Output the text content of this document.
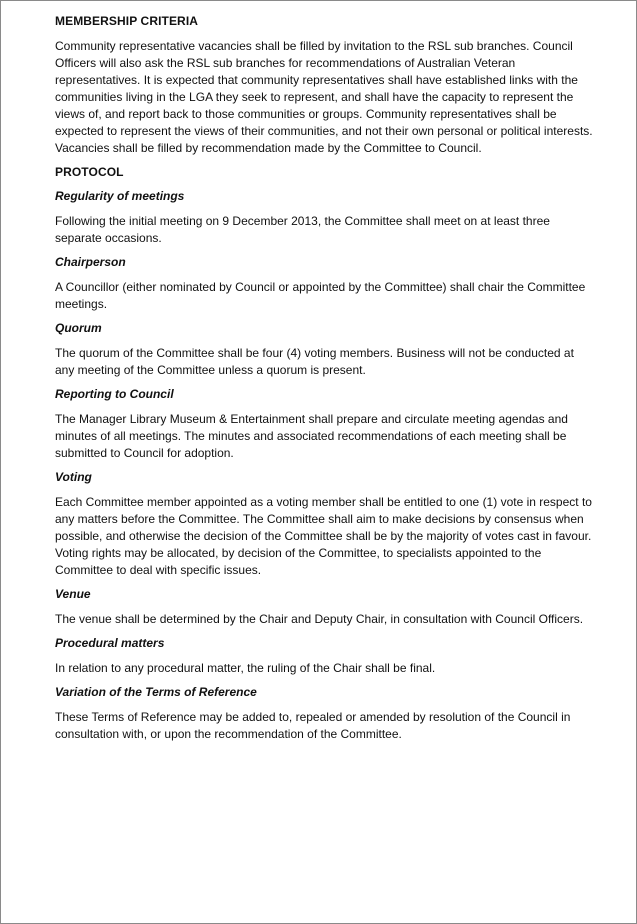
MEMBERSHIP CRITERIA

Community representative vacancies shall be filled by invitation to the RSL sub branches. Council Officers will also ask the RSL sub branches for recommendations of Australian Veteran representatives. It is expected that community representatives shall have established links with the communities living in the LGA they seek to represent, and shall have the capacity to represent the views of, and report back to those communities or groups. Community representatives shall be expected to represent the views of their communities, and not their own personal or political interests. Vacancies shall be filled by recommendation made by the Committee to Council.

PROTOCOL

Regularity of meetings

Following the initial meeting on 9 December 2013, the Committee shall meet on at least three separate occasions.

Chairperson

A Councillor (either nominated by Council or appointed by the Committee) shall chair the Committee meetings.

Quorum

The quorum of the Committee shall be four (4) voting members. Business will not be conducted at any meeting of the Committee unless a quorum is present.

Reporting to Council

The Manager Library Museum & Entertainment shall prepare and circulate meeting agendas and minutes of all meetings. The minutes and associated recommendations of each meeting shall be submitted to Council for adoption.

Voting

Each Committee member appointed as a voting member shall be entitled to one (1) vote in respect to any matters before the Committee. The Committee shall aim to make decisions by consensus when possible, and otherwise the decision of the Committee shall be by the majority of votes cast in favour. Voting rights may be allocated, by decision of the Committee, to specialists appointed to the Committee to deal with specific issues.

Venue

The venue shall be determined by the Chair and Deputy Chair, in consultation with Council Officers.

Procedural matters

In relation to any procedural matter, the ruling of the Chair shall be final.

Variation of the Terms of Reference

These Terms of Reference may be added to, repealed or amended by resolution of the Council in consultation with, or upon the recommendation of the Committee.
